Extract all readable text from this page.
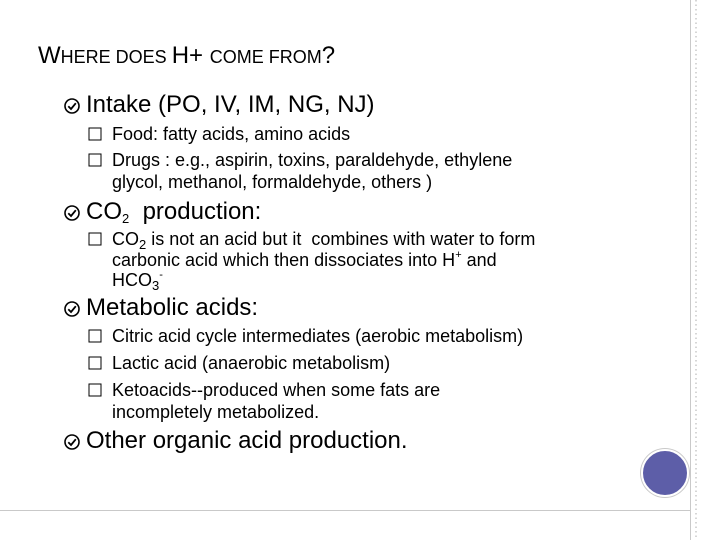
WHERE DOES H+ COME FROM?
Intake (PO, IV, IM, NG, NJ)
Food: fatty acids, amino acids
Drugs : e.g., aspirin, toxins, paraldehyde, ethylene
glycol, methanol, formaldehyde, others )
$CO_2$  production:
$CO_2$ is not an acid but it  combines with water to form
carbonic acid which then dissociates into H+ and
$HCO_3^-$
Metabolic acids:
Citric acid cycle intermediates (aerobic metabolism)
Lactic acid (anaerobic metabolism)
Ketoacids--produced when some fats are
incompletely metabolized.
Other organic acid production.
